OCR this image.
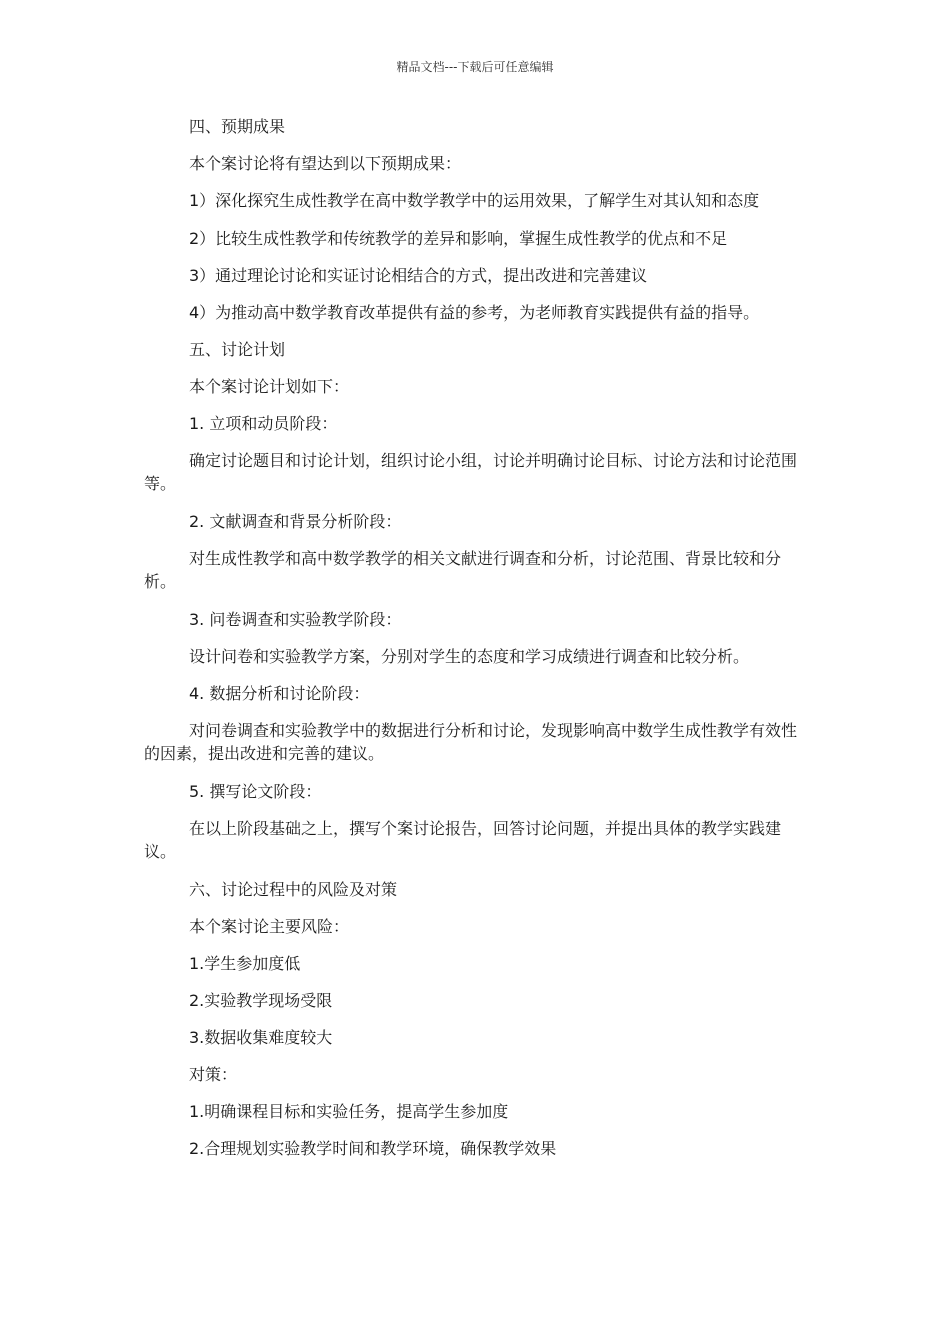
精品文档---下载后可任意编辑

四、预期成果

本个案讨论将有望达到以下预期成果：

1）深化探究生成性教学在高中数学教学中的运用效果，了解学生对其认知和态度

2）比较生成性教学和传统教学的差异和影响，掌握生成性教学的优点和不足

3）通过理论讨论和实证讨论相结合的方式，提出改进和完善建议

4）为推动高中数学教育改革提供有益的参考，为老师教育实践提供有益的指导。

五、讨论计划

本个案讨论计划如下：

1. 立项和动员阶段：

确定讨论题目和讨论计划，组织讨论小组，讨论并明确讨论目标、讨论方法和讨论范围等。

2. 文献调查和背景分析阶段：

对生成性教学和高中数学教学的相关文献进行调查和分析，讨论范围、背景比较和分析。

3. 问卷调查和实验教学阶段：

设计问卷和实验教学方案，分别对学生的态度和学习成绩进行调查和比较分析。

4. 数据分析和讨论阶段：

对问卷调查和实验教学中的数据进行分析和讨论，发现影响高中数学生成性教学有效性的因素，提出改进和完善的建议。

5. 撰写论文阶段：

在以上阶段基础之上，撰写个案讨论报告，回答讨论问题，并提出具体的教学实践建议。

六、讨论过程中的风险及对策

本个案讨论主要风险：

1.学生参加度低

2.实验教学现场受限

3.数据收集难度较大

对策：

1.明确课程目标和实验任务，提高学生参加度

2.合理规划实验教学时间和教学环境，确保教学效果
